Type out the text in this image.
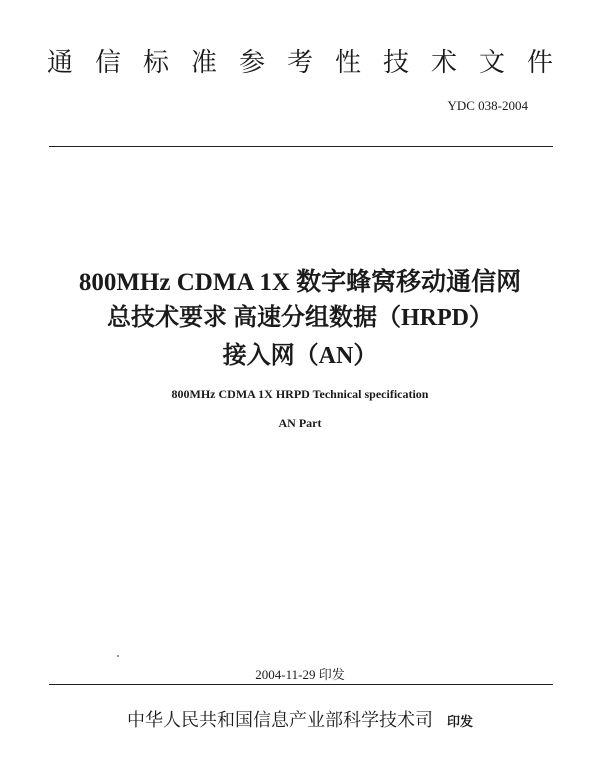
通信标准参考性技术文件
YDC 038-2004
800MHz CDMA 1X 数字蜂窝移动通信网
总技术要求 高速分组数据（HRPD）
接入网（AN）
800MHz CDMA 1X HRPD Technical specification
AN Part
2004-11-29 印发
中华人民共和国信息产业部科学技术司 印发
